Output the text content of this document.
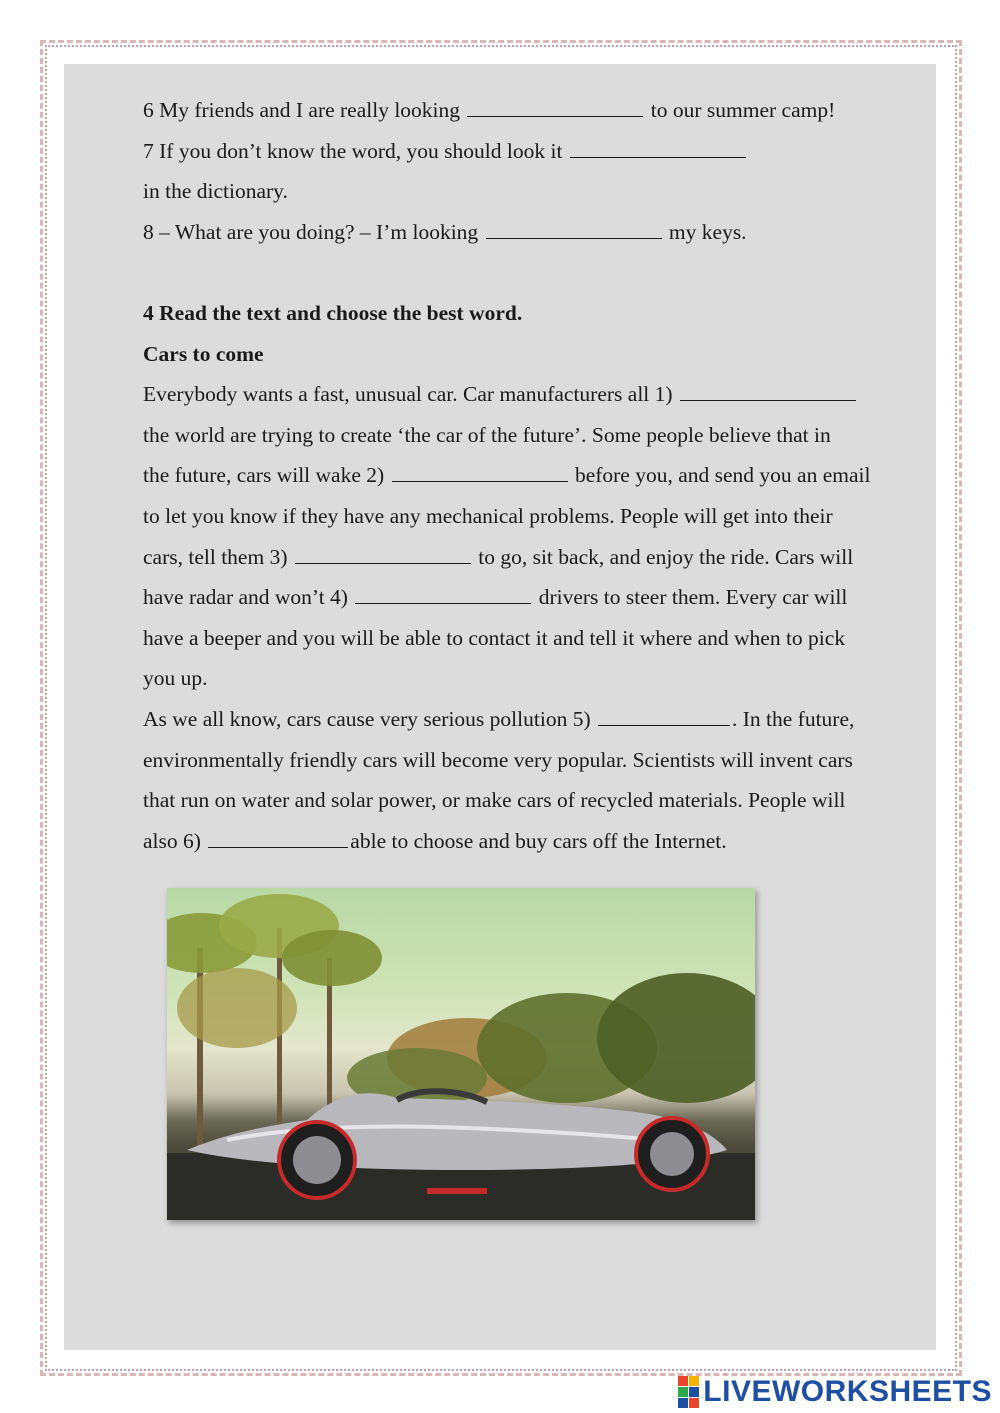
6 My friends and I are really looking	to our summer camp!
7 If you don’t know the word, you should look it
in the dictionary.
8 – What are you doing? – I’m looking	my keys.
4 Read the text and choose the best word.
Cars to come
Everybody wants a fast, unusual car. Car manufacturers all 1)
the world are trying to create ‘the car of the future’. Some people believe that in
the future, cars will wake 2)	before you, and send you an email
to let you know if they have any mechanical problems. People will get into their
cars, tell them 3)	to go, sit back, and enjoy the ride. Cars will
have radar and won’t 4)	drivers to steer them. Every car will
have a beeper and you will be able to contact it and tell it where and when to pick
you up.
As we all know, cars cause very serious pollution 5)	. In the future,
environmentally friendly cars will become very popular. Scientists will invent cars
that run on water and solar power, or make cars of recycled materials. People will
also 6)	able to choose and buy cars off the Internet.
LIVEWORKSHEETS
